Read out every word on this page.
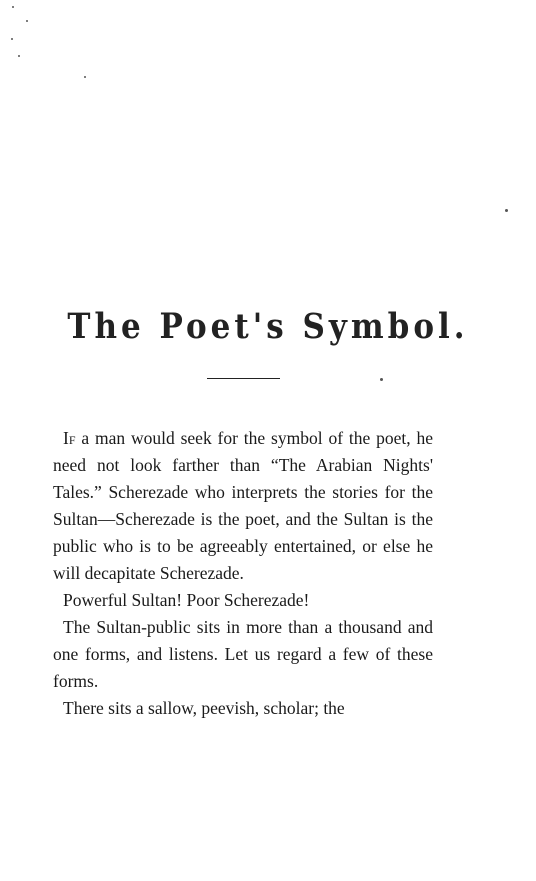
The Poet's Symbol.

If a man would seek for the symbol of the poet, he need not look farther than “The Arabian Nights' Tales.” Scherezade who interprets the stories for the Sultan—Scherezade is the poet, and the Sultan is the public who is to be agreeably entertained, or else he will decapitate Scherezade.

Powerful Sultan! Poor Scherezade!

The Sultan-public sits in more than a thousand and one forms, and listens. Let us regard a few of these forms.

There sits a sallow, peevish, scholar; the
